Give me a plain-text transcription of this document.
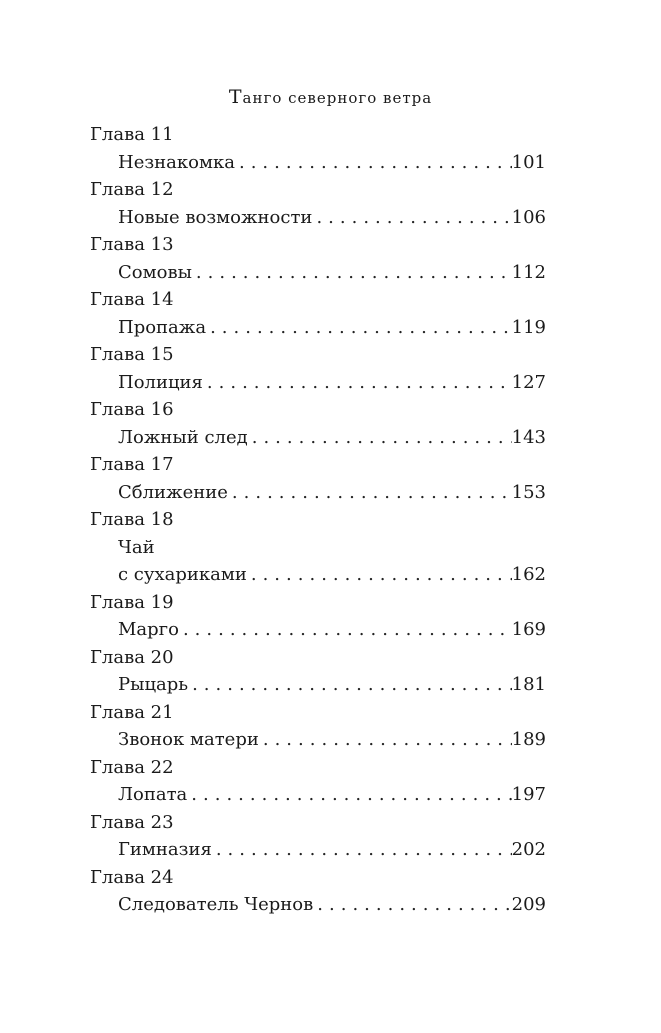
Танго северного ветра
Глава 11
Незнакомка .....	101
Глава 12
Новые возможности .....	106
Глава 13
Сомовы .....	112
Глава 14
Пропажа .....	119
Глава 15
Полиция .....	127
Глава 16
Ложный след .....	143
Глава 17
Сближение .....	153
Глава 18
Чай
с сухариками .....	162
Глава 19
Марго .....	169
Глава 20
Рыцарь .....	181
Глава 21
Звонок матери .....	189
Глава 22
Лопата .....	197
Глава 23
Гимназия .....	202
Глава 24
Следователь Чернов .....	209
